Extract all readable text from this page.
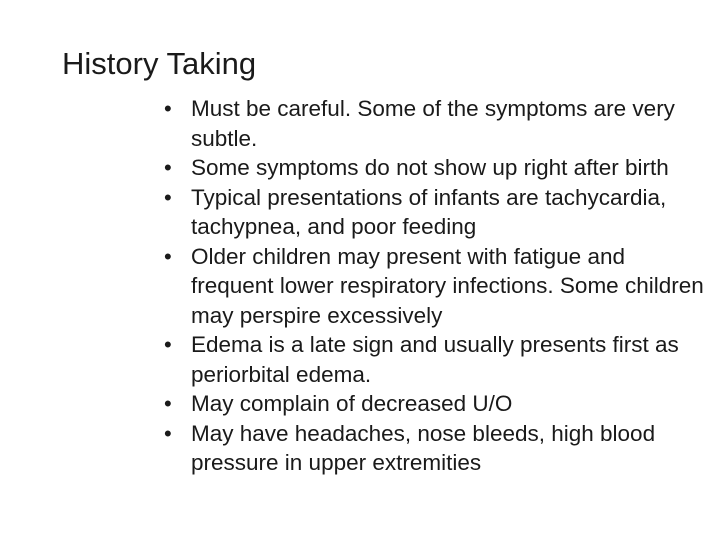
History Taking
• Must be careful. Some of the symptoms are very subtle.
• Some symptoms do not show up right after birth
• Typical presentations of infants are tachycardia, tachypnea, and poor feeding
• Older children may present with fatigue and frequent lower respiratory infections. Some children may perspire excessively
• Edema is a late sign and usually presents first as periorbital edema.
• May complain of decreased U/O
• May have headaches, nose bleeds, high blood pressure in upper extremities
